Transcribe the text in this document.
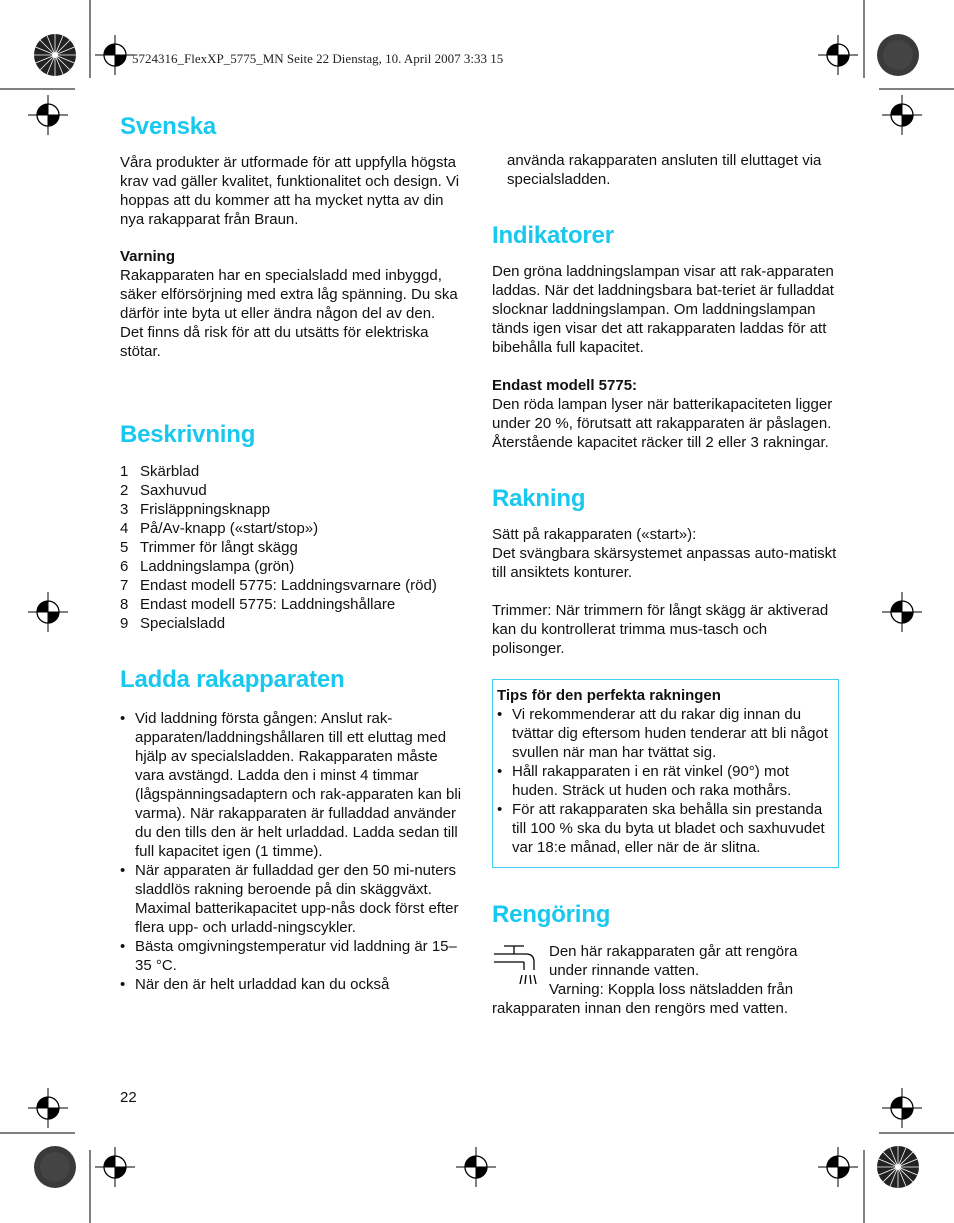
5724316_FlexXP_5775_MN Seite 22 Dienstag, 10. April 2007 3:33 15
Svenska

Våra produkter är utformade för att uppfylla högsta krav vad gäller kvalitet, funktionalitet och design. Vi hoppas att du kommer att ha mycket nytta av din nya rakapparat från Braun.

Varning

Rakapparaten har en specialsladd med inbyggd, säker elförsörjning med extra låg spänning. Du ska därför inte byta ut eller ändra någon del av den. Det finns då risk för att du utsätts för elektriska stötar.

Beskrivning
1 Skärblad
2 Saxhuvud
3 Frisläppningsknapp
4 På/Av-knapp («start/stop»)
5 Trimmer för långt skägg
6 Laddningslampa (grön)
7 Endast modell 5775: Laddningsvarnare (röd)
8 Endast modell 5775: Laddningshållare
9 Specialsladd
Ladda rakapparaten
• Vid laddning första gången: Anslut rak-apparaten/laddningshållaren till ett eluttag med hjälp av specialsladden. Rakapparaten måste vara avstängd. Ladda den i minst 4 timmar (lågspänningsadaptern och rak-apparaten kan bli varma). När rakapparaten är fulladdad använder du den tills den är helt urladdad. Ladda sedan till full kapacitet igen (1 timme).
• När apparaten är fulladdad ger den 50 mi-nuters sladdlös rakning beroende på din skäggväxt. Maximal batterikapacitet upp-nås dock först efter flera upp- och urladd-ningscykler.
• Bästa omgivningstemperatur vid laddning är 15–35 °C.
• När den är helt urladdad kan du också
22

använda rakapparaten ansluten till eluttaget via specialsladden.

Indikatorer

Den gröna laddningslampan visar att rak-apparaten laddas. När det laddningsbara bat-teriet är fulladdat slocknar laddningslampan. Om laddningslampan tänds igen visar det att rakapparaten laddas för att bibehålla full kapacitet.

Endast modell 5775:

Den röda lampan lyser när batterikapaciteten ligger under 20 %, förutsatt att rakapparaten är påslagen. Återstående kapacitet räcker till 2 eller 3 rakningar.

Rakning

Sätt på rakapparaten («start»):

Det svängbara skärsystemet anpassas auto-matiskt till ansiktets konturer.

Trimmer: När trimmern för långt skägg är aktiverad kan du kontrollerat trimma mus-tasch och polisonger.

Tips för den perfekta rakningen

• Vi rekommenderar att du rakar dig innan du tvättar dig eftersom huden tenderar att bli något svullen när man har tvättat sig.
• Håll rakapparaten i en rät vinkel (90°) mot huden. Sträck ut huden och raka mothårs.
• För att rakapparaten ska behålla sin prestanda till 100 % ska du byta ut bladet och saxhuvudet var 18:e månad, eller när de är slitna.
Rengöring

Den här rakapparaten går att rengöra under rinnande vatten.

Varning: Koppla loss nätsladden från rakapparaten innan den rengörs med vatten.
